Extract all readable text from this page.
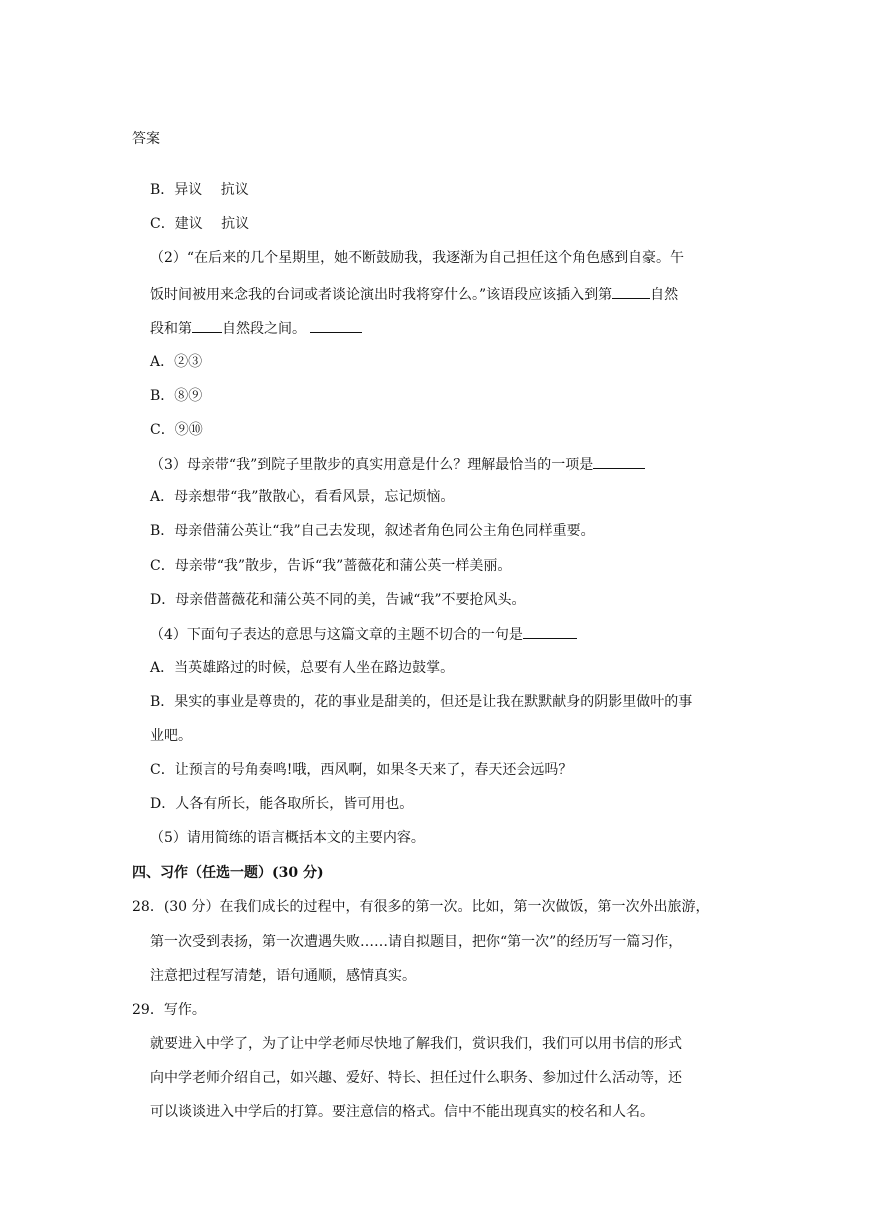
答案
B．异议　 抗议
C．建议　 抗议
（2）“在后来的几个星期里，她不断鼓励我，我逐渐为自己担任这个角色感到自豪。午
饭时间被用来念我的台词或者谈论演出时我将穿什么。”该语段应该插入到第	自然
段和第 自然段之间。
A．②③
B．⑧⑨
C．⑨⑩
（3）母亲带“我”到院子里散步的真实用意是什么？理解最恰当的一项是
A．母亲想带“我”散散心，看看风景，忘记烦恼。
B．母亲借蒲公英让“我”自己去发现，叙述者角色同公主角色同样重要。
C．母亲带“我”散步，告诉“我”蔷薇花和蒲公英一样美丽。
D．母亲借蔷薇花和蒲公英不同的美，告诫“我”不要抢风头。
（4）下面句子表达的意思与这篇文章的主题不切合的一句是
A．当英雄路过的时候，总要有人坐在路边鼓掌。
B．果实的事业是尊贵的，花的事业是甜美的，但还是让我在默默献身的阴影里做叶的事
业吧。
C．让预言的号角奏鸣!哦，西风啊，如果冬天来了，春天还会远吗？
D．人各有所长，能各取所长，皆可用也。
（5）请用简练的语言概括本文的主要内容。
四、习作（任选一题）(30 分)
28．(30 分）在我们成长的过程中，有很多的第一次。比如，第一次做饭，第一次外出旅游，
第一次受到表扬，第一次遭遇失败……请自拟题目，把你“第一次”的经历写一篇习作，
注意把过程写清楚，语句通顺，感情真实。
29．写作。
就要进入中学了，为了让中学老师尽快地了解我们，赏识我们，我们可以用书信的形式
向中学老师介绍自己，如兴趣、爱好、特长、担任过什么职务、参加过什么活动等，还
可以谈谈进入中学后的打算。要注意信的格式。信中不能出现真实的校名和人名。
